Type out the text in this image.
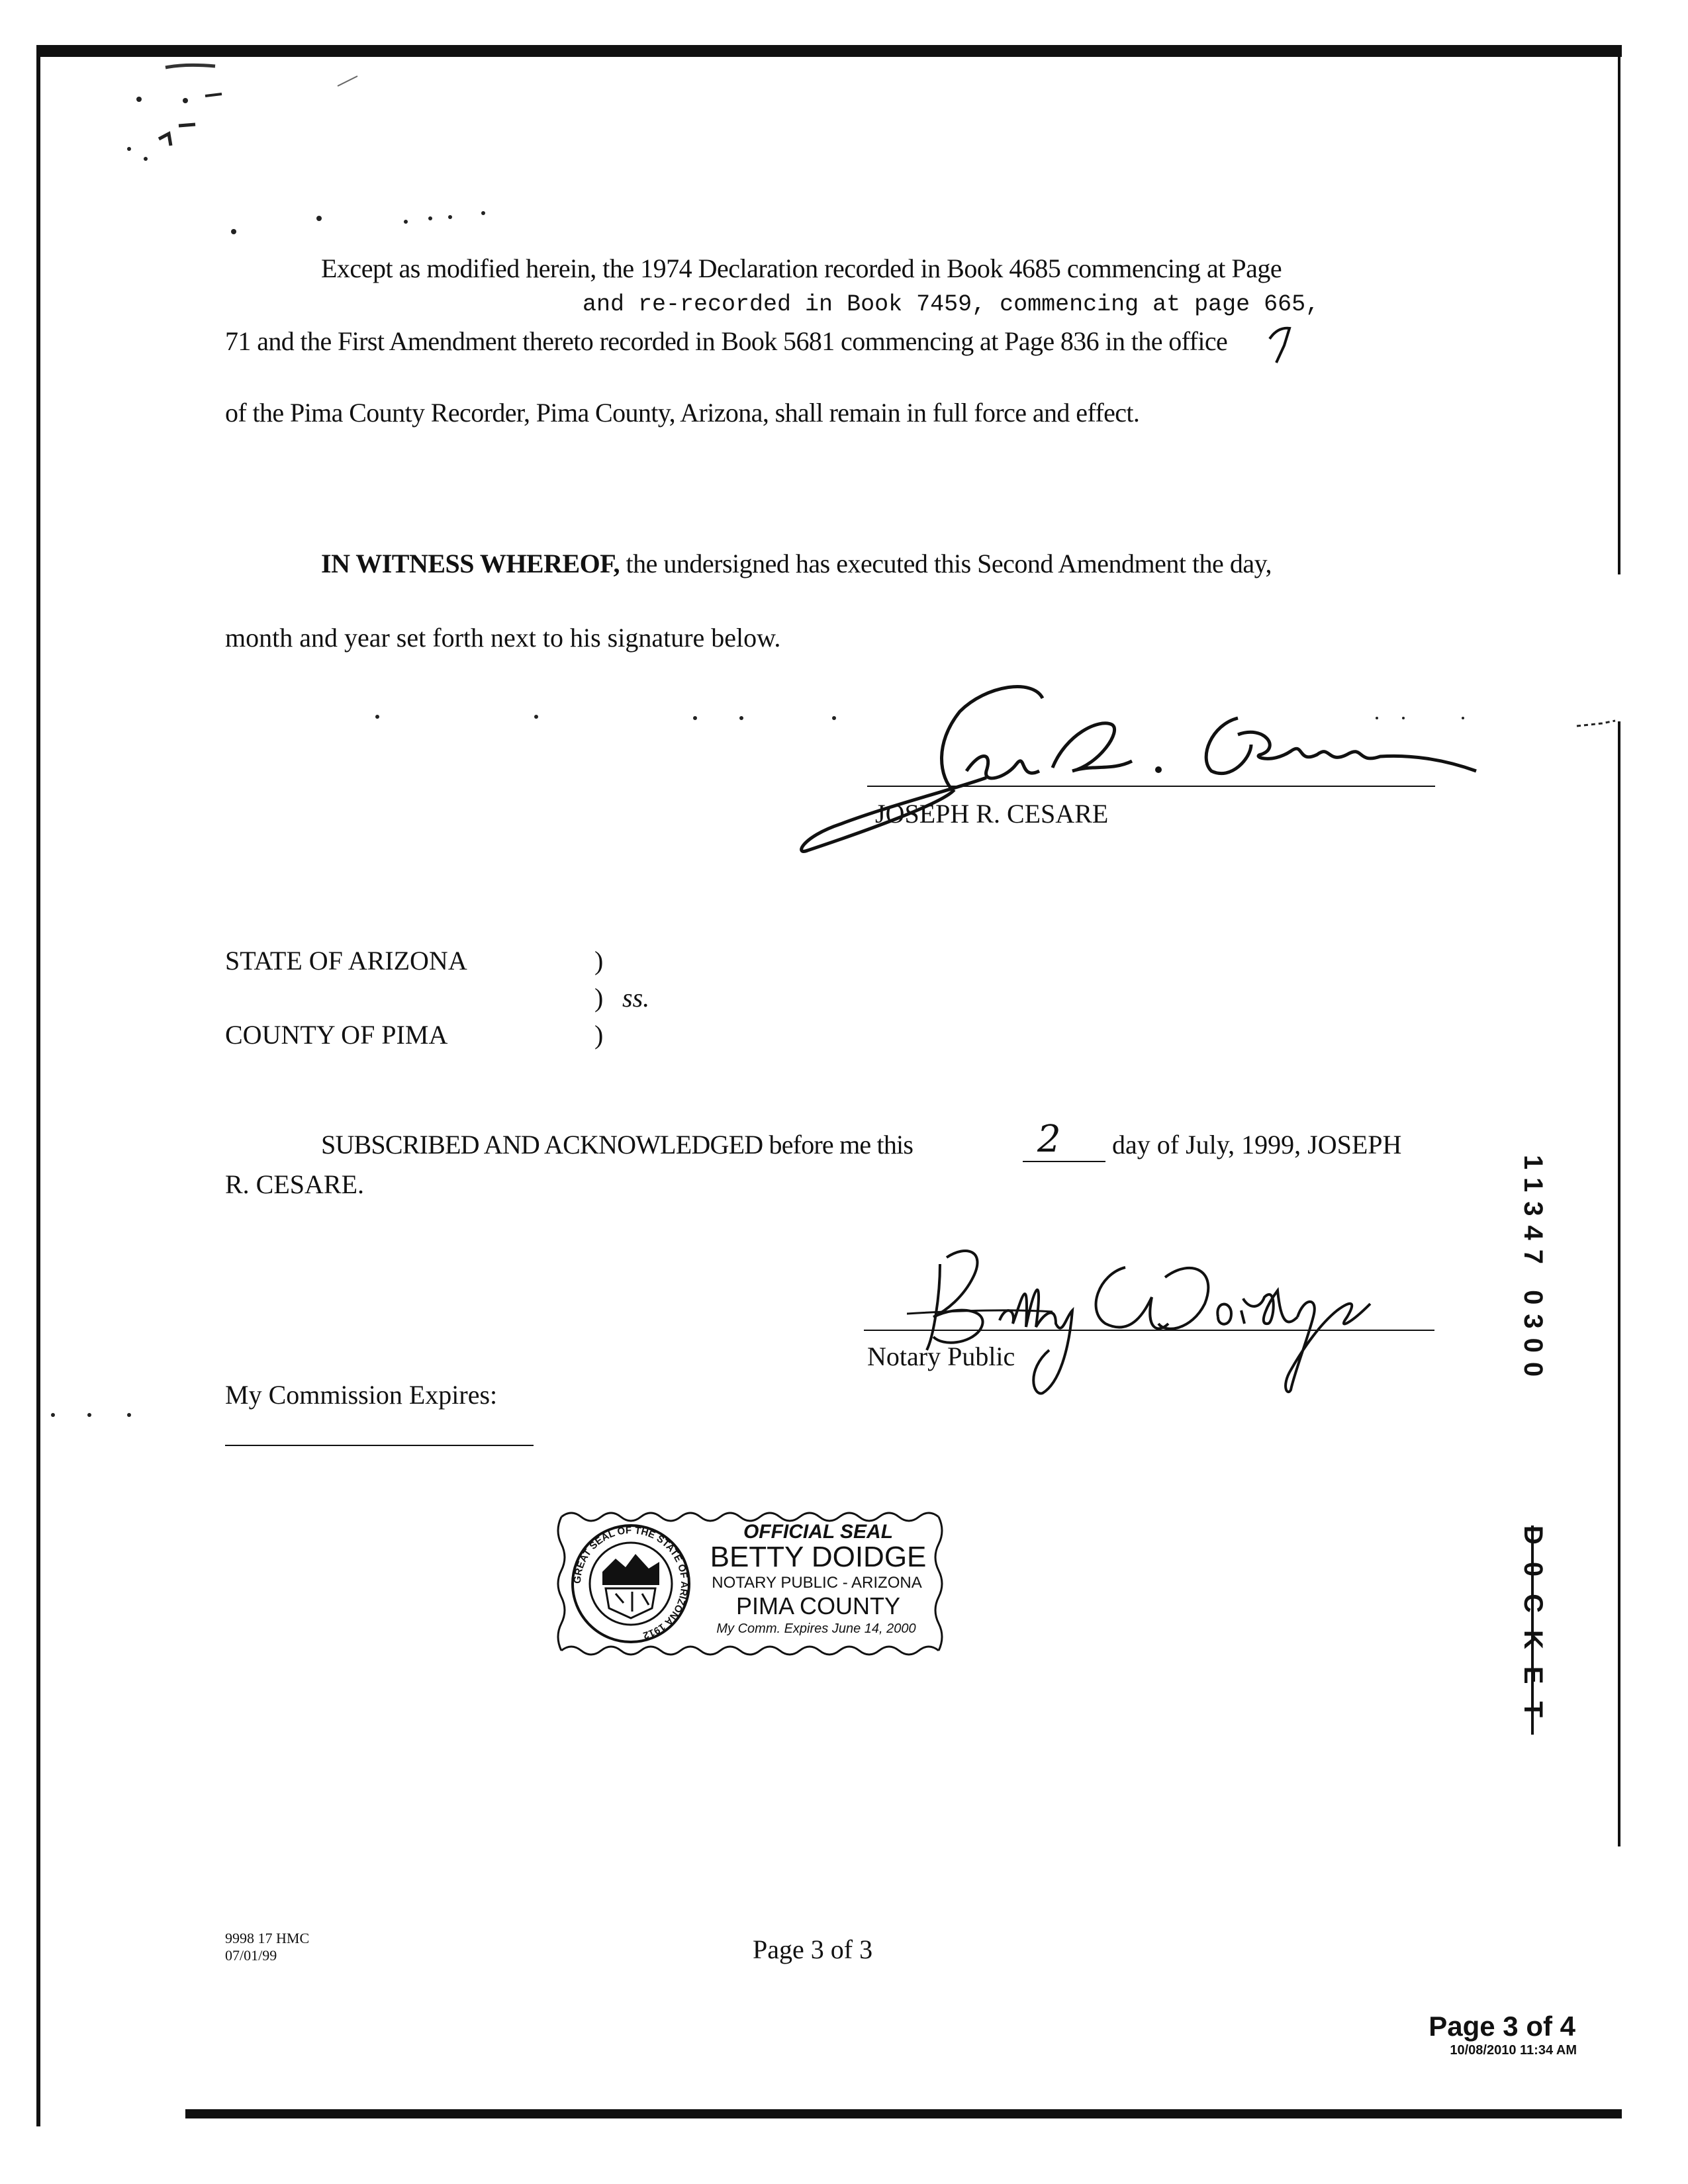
Except as modified herein, the 1974 Declaration recorded in Book 4685 commencing at Page
and re-recorded in Book 7459, commencing at page 665,
71 and the First Amendment thereto recorded in Book 5681 commencing at Page 836 in the office
of the Pima County Recorder, Pima County, Arizona, shall remain in full force and effect.
IN WITNESS WHEREOF, the undersigned has executed this Second Amendment the day,
month and year set forth next to his signature below.
JOSEPH R. CESARE
STATE OF ARIZONA	)
) ss.
COUNTY OF PIMA	)
SUBSCRIBED AND ACKNOWLEDGED before me this	2 day of July, 1999, JOSEPH
R. CESARE.
Notary Public
My Commission Expires:
GREAT SEAL OF THE STATE OF ARIZONA 1912
OFFICIAL SEAL
BETTY DOIDGE
NOTARY PUBLIC - ARIZONA
PIMA COUNTY
My Comm. Expires June 14, 2000
11347 0300
D0CKET
9998 17 HMC
07/01/99	Page 3 of 3
Page 3 of 4
10/08/2010 11:34 AM
